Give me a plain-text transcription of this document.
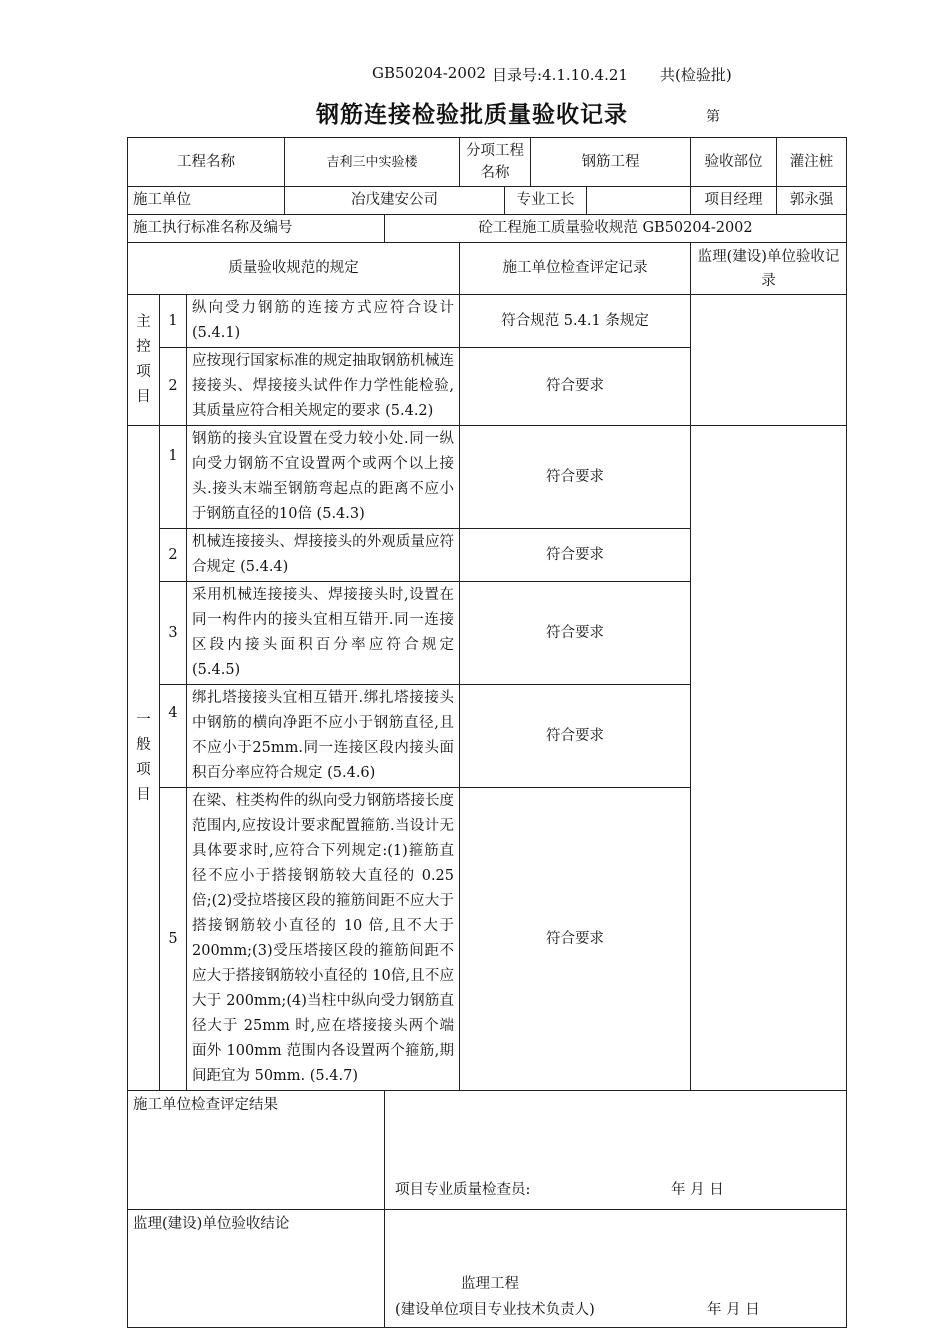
GB50204-2002 目录号:4.1.10.4.21 共(检验批)
钢筋连接检验批质量验收记录	第
工程名称			吉利三中实验楼		分项工程名称		钢筋工程		验收部位	灌注桩
施工单位			冶戊建安公司			专业工长			项目经理	郭永强
施工执行标准名称及编号				砼工程施工质量验收规范 GB50204-2002						
质量验收规范的规定					施工单位检查评定记录				监理(建设)单位验收记录	
主控项目	1	纵向受力钢筋的连接方式应符合设计(5.4.1)			符合规范 5.4.1 条规定					
	2	应按现行国家标准的规定抽取钢筋机械连接接头、焊接接头试件作力学性能检验,其质量应符合相关规定的要求 (5.4.2)			符合要求					
一般项目	1	钢筋的接头宜设置在受力较小处.同一纵向受力钢筋不宜设置两个或两个以上接头.接头末端至钢筋弯起点的距离不应小于钢筋直径的10倍 (5.4.3)			符合要求					
	2	机械连接接头、焊接接头的外观质量应符合规定 (5.4.4)			符合要求					
	3	采用机械连接接头、焊接接头时,设置在同一构件内的接头宜相互错开.同一连接区段内接头面积百分率应符合规定 (5.4.5)			符合要求					
	4	绑扎塔接接头宜相互错开.绑扎塔接接头中钢筋的横向净距不应小于钢筋直径,且不应小于25mm.同一连接区段内接头面积百分率应符合规定 (5.4.6)			符合要求					
	5	在梁、柱类构件的纵向受力钢筋塔接长度范围内,应按设计要求配置箍筋.当设计无具体要求时,应符合下列规定:(1)箍筋直径不应小于搭接钢筋较大直径的 0.25 倍;(2)受拉塔接区段的箍筋间距不应大于搭接钢筋较小直径的 10 倍,且不大于 200mm;(3)受压塔接区段的箍筋间距不应大于搭接钢筋较小直径的 10倍,且不应大于 200mm;(4)当柱中纵向受力钢筋直径大于 25mm 时,应在塔接接头两个端面外 100mm 范围内各设置两个箍筋,期间距宜为 50mm. (5.4.7)			符合要求					
施工单位检查评定结果				项目专业质量检查员: 年 月 日						

监理(建设)单位验收结论				监理工程
(建设单位项目专业技术负责人) 年 月 日						
